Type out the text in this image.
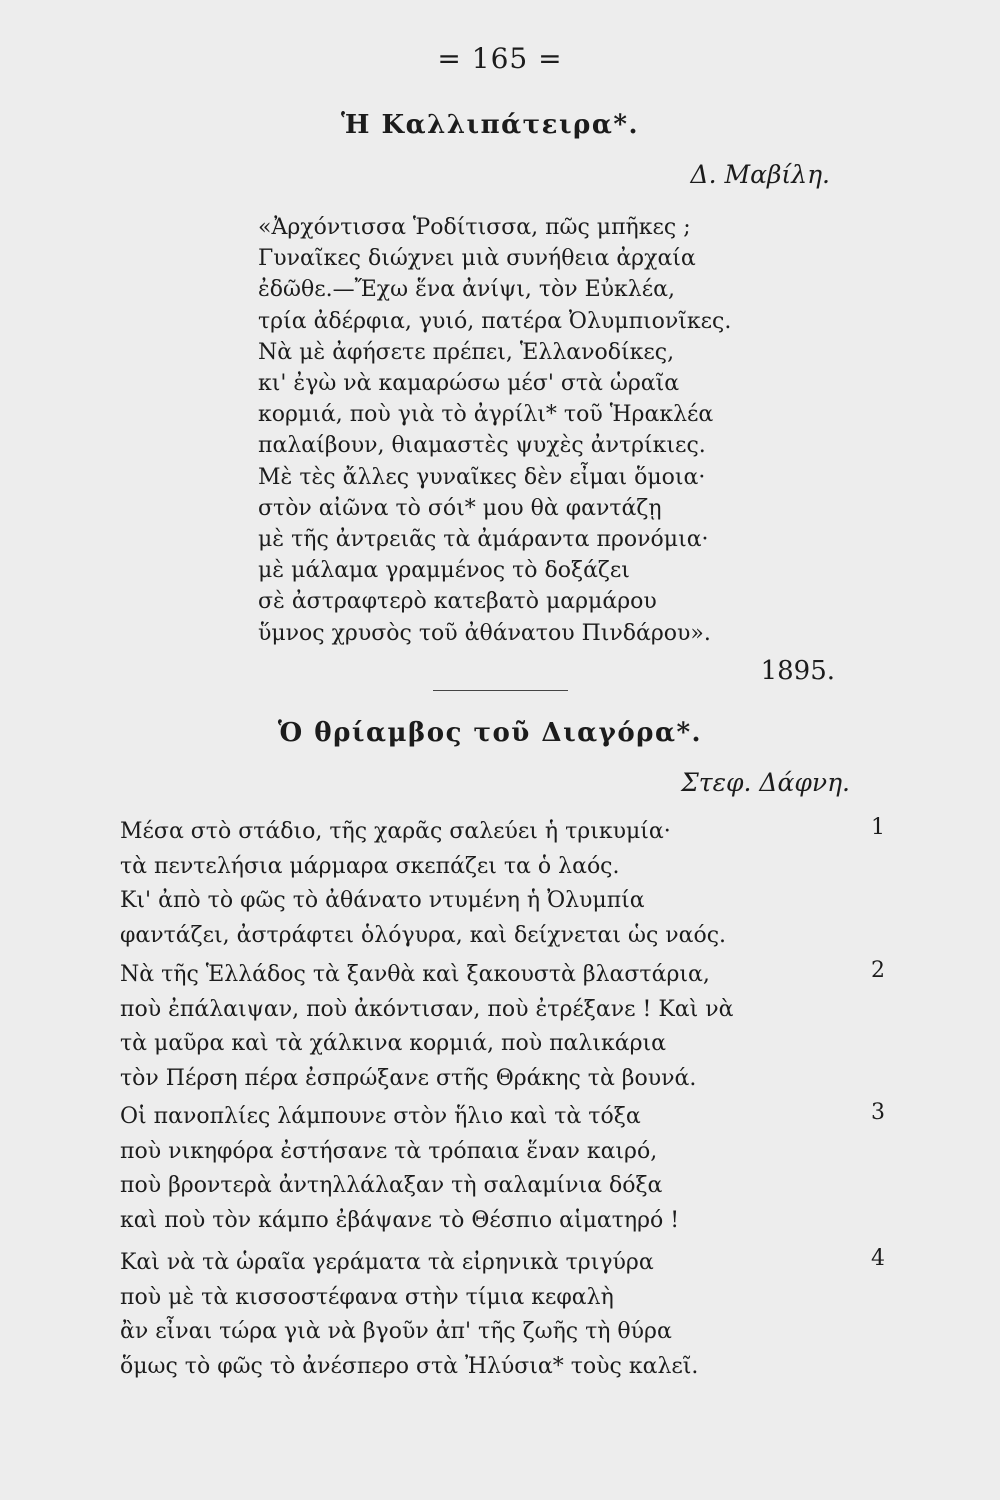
= 165 =
Ἡ Καλλιπάτειρα*.
Δ. Μαβίλη.
«Ἀρχόντισσα Ῥοδίτισσα, πῶς μπῆκες ;
Γυναῖκες διώχνει μιὰ συνήθεια ἀρχαία
ἐδῶθε.—Ἔχω ἕνα ἀνίψι, τὸν Εὐκλέα,
τρία ἀδέρφια, γυιό, πατέρα Ὀλυμπιονῖκες.
Νὰ μὲ ἀφήσετε πρέπει, Ἑλλανοδίκες,
κι' ἐγὼ νὰ καμαρώσω μέσ' στὰ ὡραῖα
κορμιά, ποὺ γιὰ τὸ ἀγρίλι* τοῦ Ἡρακλέα
παλαίβουν, θιαμαστὲς ψυχὲς ἀντρίκιες.
Μὲ τὲς ἄλλες γυναῖκες δὲν εἶμαι ὅμοια·
στὸν αἰῶνα τὸ σόι* μου θὰ φαντάζῃ
μὲ τῆς ἀντρειᾶς τὰ ἀμάραντα προνόμια·
μὲ μάλαμα γραμμένος τὸ δοξάζει
σὲ ἀστραφτερὸ κατεβατὸ μαρμάρου
ὕμνος χρυσὸς τοῦ ἀθάνατου Πινδάρου».
1895.
Ὁ θρίαμβος τοῦ Διαγόρα*.
Στεφ. Δάφνη.
Μέσα στὸ στάδιο, τῆς χαρᾶς σαλεύει ἡ τρικυμία·
τὰ πεντελήσια μάρμαρα σκεπάζει τα ὁ λαός.
Κι' ἀπὸ τὸ φῶς τὸ ἀθάνατο ντυμένη ἡ Ὀλυμπία
φαντάζει, ἀστράφτει ὁλόγυρα, καὶ δείχνεται ὡς ναός.
1
Νὰ τῆς Ἑλλάδος τὰ ξανθὰ καὶ ξακουστὰ βλαστάρια,
ποὺ ἐπάλαιψαν, ποὺ ἀκόντισαν, ποὺ ἐτρέξανε ! Καὶ νὰ
τὰ μαῦρα καὶ τὰ χάλκινα κορμιά, ποὺ παλικάρια
τὸν Πέρση πέρα ἐσπρώξανε στῆς Θράκης τὰ βουνά.
2
Οἱ πανοπλίες λάμπουνε στὸν ἥλιο καὶ τὰ τόξα
ποὺ νικηφόρα ἐστήσανε τὰ τρόπαια ἕναν καιρό,
ποὺ βροντερὰ ἀντηλλάλαξαν τὴ σαλαμίνια δόξα
καὶ ποὺ τὸν κάμπο ἐβάψανε τὸ Θέσπιο αἱματηρό !
3
Καὶ νὰ τὰ ὡραῖα γεράματα τὰ εἰρηνικὰ τριγύρα
ποὺ μὲ τὰ κισσοστέφανα στὴν τίμια κεφαλὴ
ἂν εἶναι τώρα γιὰ νὰ βγοῦν ἀπ' τῆς ζωῆς τὴ θύρα
ὅμως τὸ φῶς τὸ ἀνέσπερο στὰ Ἠλύσια* τοὺς καλεῖ.
4
